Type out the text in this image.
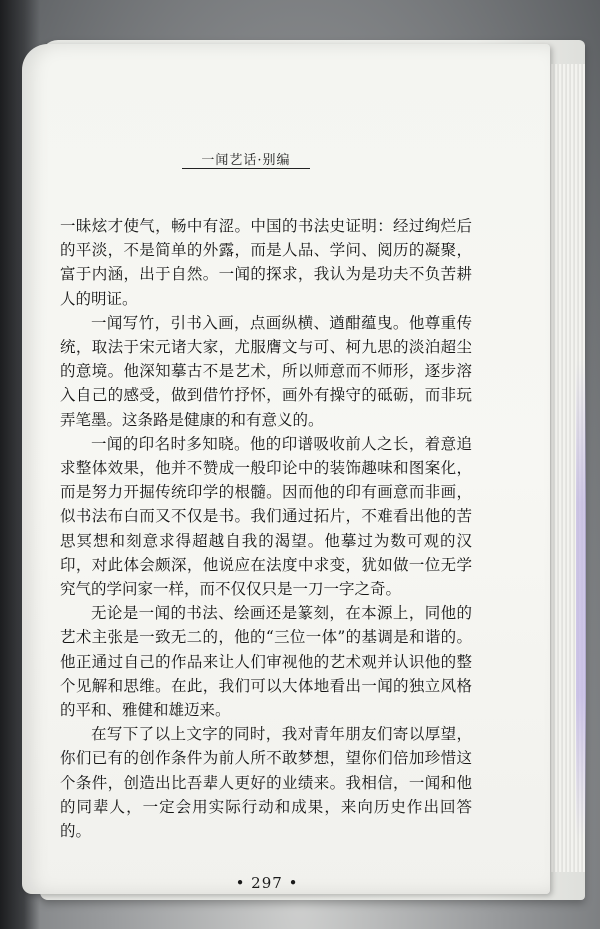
一闻艺话·别编

一昧炫才使气，畅中有涩。中国的书法史证明：经过绚烂后的平淡，不是简单的外露，而是人品、学问、阅历的凝聚，富于内涵，出于自然。一闻的探求，我认为是功夫不负苦耕人的明证。

一闻写竹，引书入画，点画纵横、遒酣蕴曳。他尊重传统，取法于宋元诸大家，尤服膺文与可、柯九思的淡泊超尘的意境。他深知摹古不是艺术，所以师意而不师形，逐步溶入自己的感受，做到借竹抒怀，画外有操守的砥砺，而非玩弄笔墨。这条路是健康的和有意义的。

一闻的印名时多知晓。他的印谱吸收前人之长，着意追求整体效果，他并不赞成一般印论中的装饰趣味和图案化，而是努力开掘传统印学的根髓。因而他的印有画意而非画，似书法布白而又不仅是书。我们通过拓片，不难看出他的苦思冥想和刻意求得超越自我的渴望。他摹过为数可观的汉印，对此体会颇深，他说应在法度中求变，犹如做一位无学究气的学问家一样，而不仅仅只是一刀一字之奇。

无论是一闻的书法、绘画还是篆刻，在本源上，同他的艺术主张是一致无二的，他的“三位一体”的基调是和谐的。他正通过自己的作品来让人们审视他的艺术观并认识他的整个见解和思维。在此，我们可以大体地看出一闻的独立风格的平和、雅健和雄迈来。

在写下了以上文字的同时，我对青年朋友们寄以厚望，你们已有的创作条件为前人所不敢梦想，望你们倍加珍惜这个条件，创造出比吾辈人更好的业绩来。我相信，一闻和他的同辈人，一定会用实际行动和成果，来向历史作出回答的。

• 297 •
